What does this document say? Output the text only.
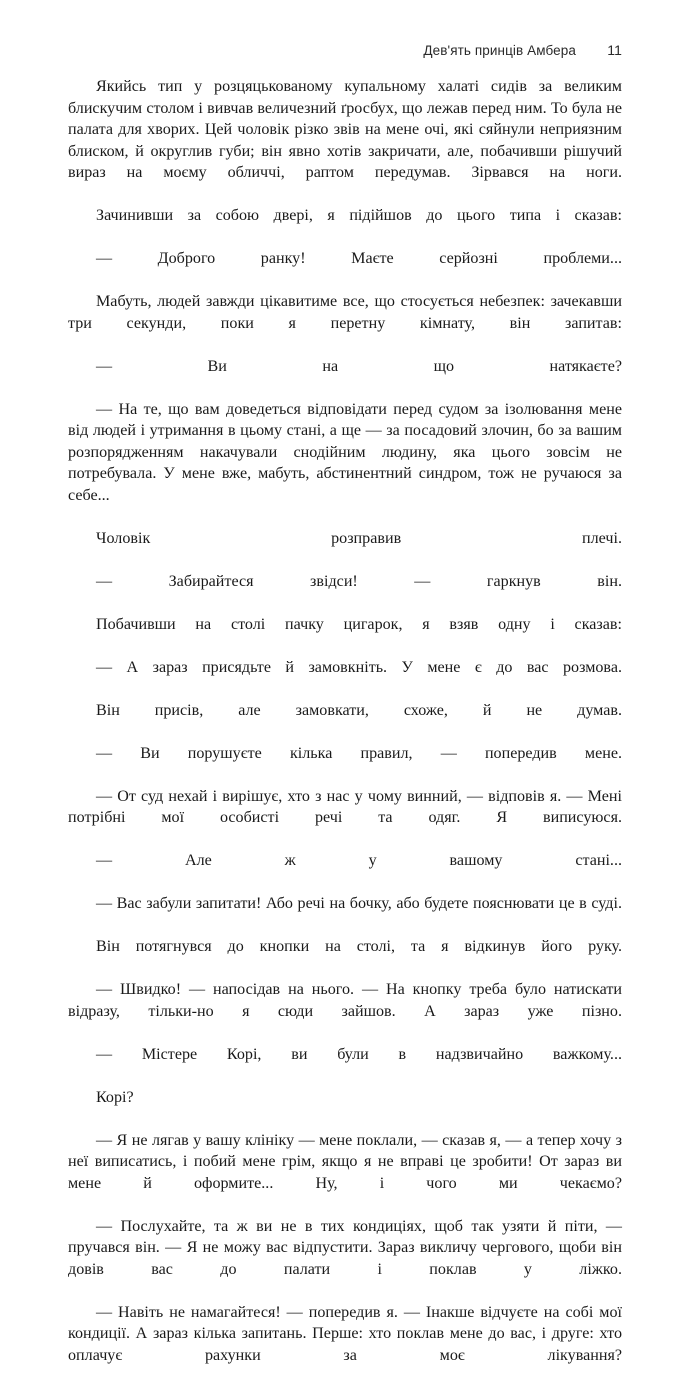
Дев'ять принців Амбера	11

Якийсь тип у розцяцькованому купальному халаті сидів за великим блискучим столом і вивчав величезний ґросбух, що лежав перед ним. То була не палата для хворих. Цей чоловік різко звів на мене очі, які сяйнули неприязним блиском, й округлив губи; він явно хотів закричати, але, побачивши рішучий вираз на моєму обличчі, раптом передумав. Зірвався на ноги.

Зачинивши за собою двері, я підійшов до цього типа і сказав:

— Доброго ранку! Маєте серйозні проблеми...

Мабуть, людей завжди цікавитиме все, що стосується небезпек: зачекавши три секунди, поки я перетну кімнату, він запитав:

— Ви на що натякаєте?

— На те, що вам доведеться відповідати перед судом за ізолювання мене від людей і утримання в цьому стані, а ще — за посадовий злочин, бо за вашим розпорядженням накачували снодійним людину, яка цього зовсім не потребувала. У мене вже, мабуть, абстинентний синдром, тож не ручаюся за себе...

Чоловік розправив плечі.

— Забирайтеся звідси! — гаркнув він.

Побачивши на столі пачку цигарок, я взяв одну і сказав:

— А зараз присядьте й замовкніть. У мене є до вас розмова.

Він присів, але замовкати, схоже, й не думав.

— Ви порушуєте кілька правил, — попередив мене.

— От суд нехай і вирішує, хто з нас у чому винний, — відповів я. — Мені потрібні мої особисті речі та одяг. Я виписуюся.

— Але ж у вашому стані...

— Вас забули запитати! Або речі на бочку, або будете пояснювати це в суді.

Він потягнувся до кнопки на столі, та я відкинув його руку.

— Швидко! — напосідав на нього. — На кнопку треба було натискати відразу, тільки-но я сюди зайшов. А зараз уже пізно.

— Містере Корі, ви були в надзвичайно важкому...

Корі?

— Я не лягав у вашу клініку — мене поклали, — сказав я, — а тепер хочу з неї виписатись, і побий мене грім, якщо я не вправі це зробити! От зараз ви мене й оформите... Ну, і чого ми чекаємо?

— Послухайте, та ж ви не в тих кондиціях, щоб так узяти й піти, — пручався він. — Я не можу вас відпустити. Зараз викличу чергового, щоби він довів вас до палати і поклав у ліжко.

— Навіть не намагайтеся! — попередив я. — Інакше відчуєте на собі мої кондиції. А зараз кілька запитань. Перше: хто поклав мене до вас, і друге: хто оплачує рахунки за моє лікування?
